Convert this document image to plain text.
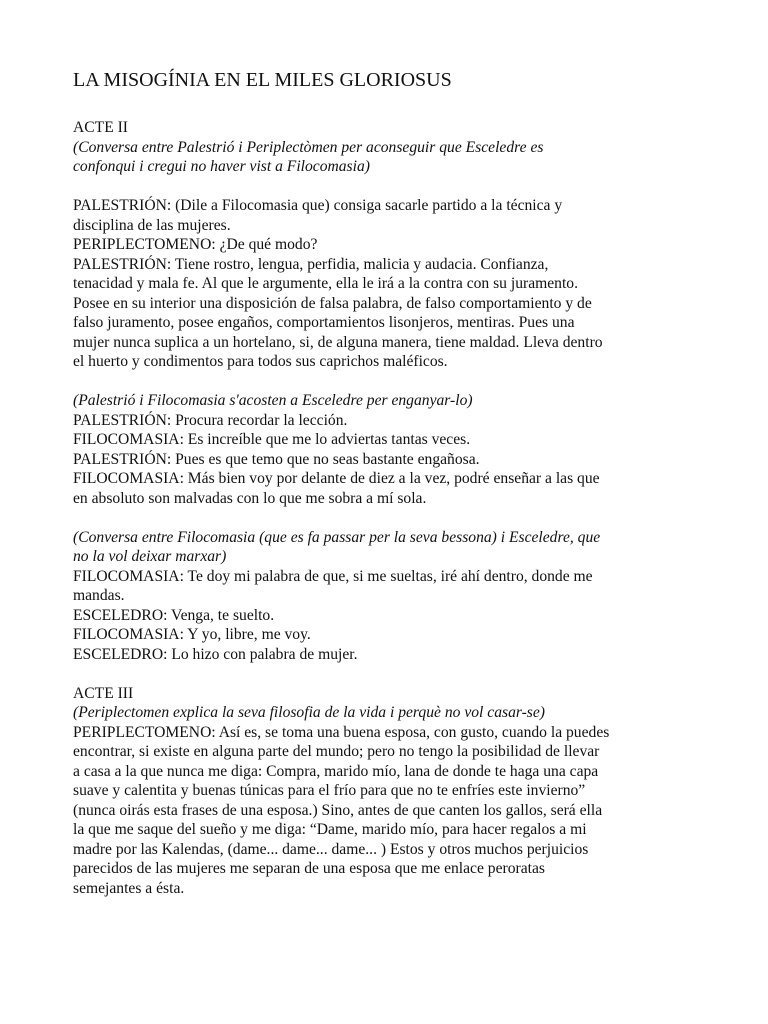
LA MISOGÍNIA EN EL MILES GLORIOSUS
ACTE II
(Conversa entre Palestrió i Periplectòmen per aconseguir que Esceledre es
confonqui i cregui no haver vist a Filocomasia)
PALESTRIÓN: (Dile a Filocomasia que) consiga sacarle partido a la técnica y
disciplina de las mujeres.
PERIPLECTOMENO: ¿De qué modo?
PALESTRIÓN: Tiene rostro, lengua, perfidia, malicia y audacia. Confianza,
tenacidad y mala fe. Al que le argumente, ella le irá a la contra con su juramento.
Posee en su interior una disposición de falsa palabra, de falso comportamiento y de
falso juramento, posee engaños, comportamientos lisonjeros, mentiras. Pues una
mujer nunca suplica a un hortelano, si, de alguna manera, tiene maldad. Lleva dentro
el huerto y condimentos para todos sus caprichos maléficos.
(Palestrió i Filocomasia s'acosten a Esceledre per enganyar-lo)
PALESTRIÓN: Procura recordar la lección.
FILOCOMASIA: Es increíble que me lo adviertas tantas veces.
PALESTRIÓN: Pues es que temo que no seas bastante engañosa.
FILOCOMASIA: Más bien voy por delante de diez a la vez, podré enseñar a las que
en absoluto son malvadas con lo que me sobra a mí sola.
(Conversa entre Filocomasia (que es fa passar per la seva bessona) i Esceledre, que
no la vol deixar marxar)
FILOCOMASIA: Te doy mi palabra de que, si me sueltas, iré ahí dentro, donde me
mandas.
ESCELEDRO: Venga, te suelto.
FILOCOMASIA: Y yo, libre, me voy.
ESCELEDRO: Lo hizo con palabra de mujer.
ACTE III
(Periplectomen explica la seva filosofia de la vida i perquè no vol casar-se)
PERIPLECTOMENO: Así es, se toma una buena esposa, con gusto, cuando la puedes
encontrar, si existe en alguna parte del mundo; pero no tengo la posibilidad de llevar
a casa a la que nunca me diga: Compra, marido mío, lana de donde te haga una capa
suave y calentita y buenas túnicas para el frío para que no te enfríes este invierno”
(nunca oirás esta frases de una esposa.) Sino, antes de que canten los gallos, será ella
la que me saque del sueño y me diga: “Dame, marido mío, para hacer regalos a mi
madre por las Kalendas, (dame... dame... dame... ) Estos y otros muchos perjuicios
parecidos de las mujeres me separan de una esposa que me enlace peroratas
semejantes a ésta.
